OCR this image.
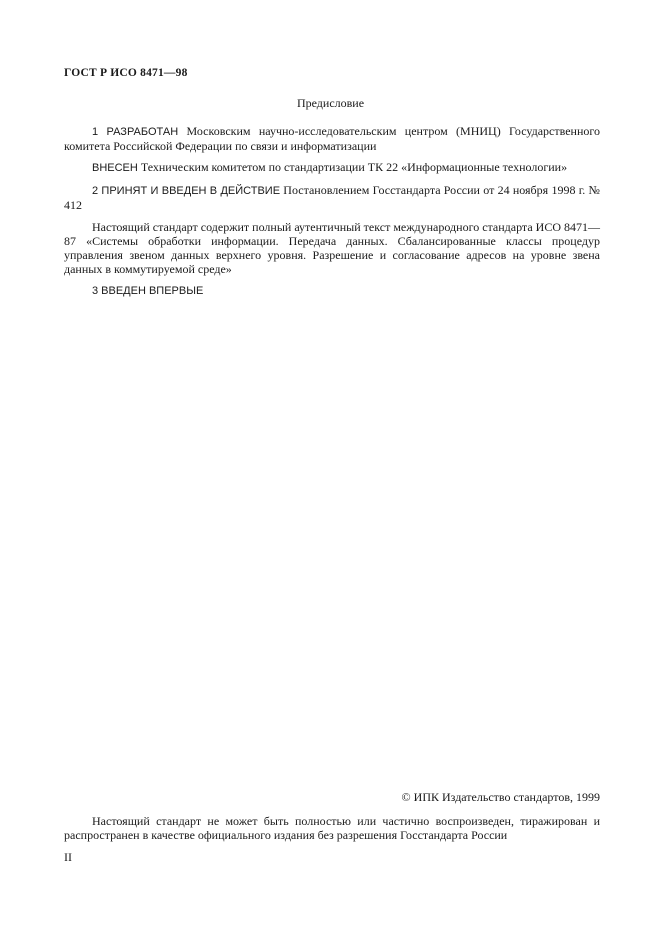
ГОСТ Р ИСО 8471—98
Предисловие
1 РАЗРАБОТАН Московским научно-исследовательским центром (МНИЦ) Государственного комитета Российской Федерации по связи и информатизации
ВНЕСЕН Техническим комитетом по стандартизации ТК 22 «Информационные технологии»
2 ПРИНЯТ И ВВЕДЕН В ДЕЙСТВИЕ Постановлением Госстандарта России от 24 ноября 1998 г. № 412
Настоящий стандарт содержит полный аутентичный текст международного стандарта ИСО 8471—87 «Системы обработки информации. Передача данных. Сбалансированные классы процедур управления звеном данных верхнего уровня. Разрешение и согласование адресов на уровне звена данных в коммутируемой среде»
3 ВВЕДЕН ВПЕРВЫЕ
© ИПК Издательство стандартов, 1999
Настоящий стандарт не может быть полностью или частично воспроизведен, тиражирован и распространен в качестве официального издания без разрешения Госстандарта России
II
